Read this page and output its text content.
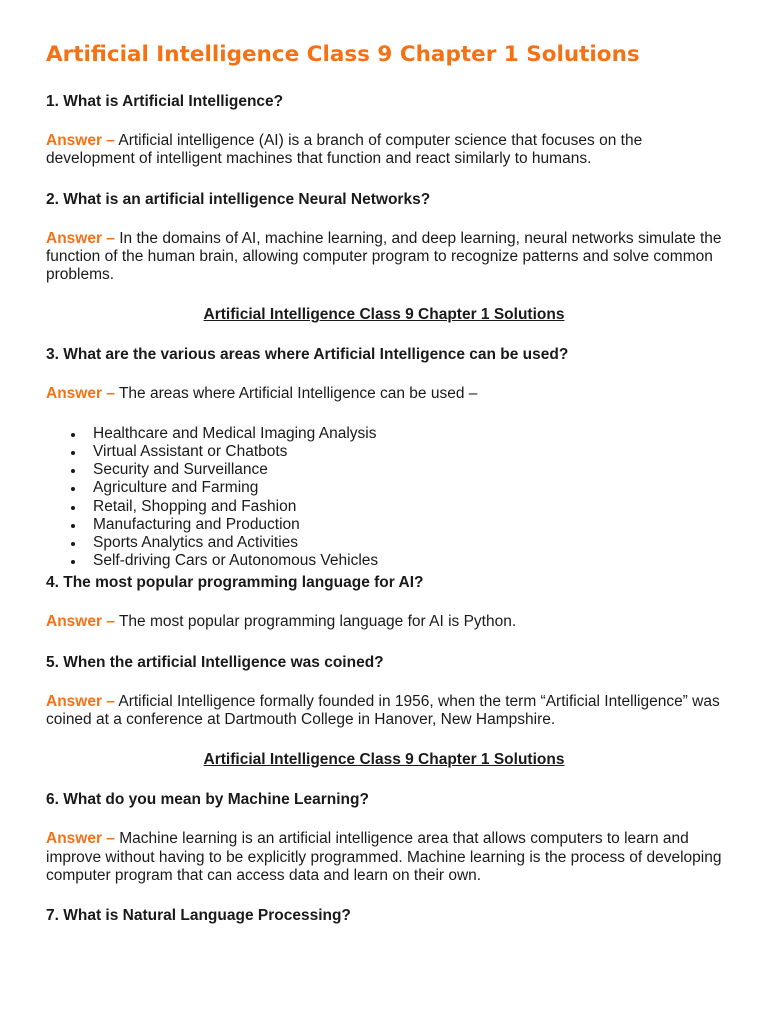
Artificial Intelligence Class 9 Chapter 1 Solutions
1. What is Artificial Intelligence?

Answer – Artificial intelligence (AI) is a branch of computer science that focuses on the development of intelligent machines that function and react similarly to humans.

2. What is an artificial intelligence Neural Networks?

Answer – In the domains of AI, machine learning, and deep learning, neural networks simulate the function of the human brain, allowing computer program to recognize patterns and solve common problems.

Artificial Intelligence Class 9 Chapter 1 Solutions
3. What are the various areas where Artificial Intelligence can be used?

Answer – The areas where Artificial Intelligence can be used –

Healthcare and Medical Imaging Analysis
Virtual Assistant or Chatbots
Security and Surveillance
Agriculture and Farming
Retail, Shopping and Fashion
Manufacturing and Production
Sports Analytics and Activities
Self-driving Cars or Autonomous Vehicles
4. The most popular programming language for AI?

Answer – The most popular programming language for AI is Python.

5. When the artificial Intelligence was coined?

Answer – Artificial Intelligence formally founded in 1956, when the term “Artificial Intelligence” was coined at a conference at Dartmouth College in Hanover, New Hampshire.

Artificial Intelligence Class 9 Chapter 1 Solutions
6. What do you mean by Machine Learning?

Answer – Machine learning is an artificial intelligence area that allows computers to learn and improve without having to be explicitly programmed. Machine learning is the process of developing computer program that can access data and learn on their own.

7. What is Natural Language Processing?
